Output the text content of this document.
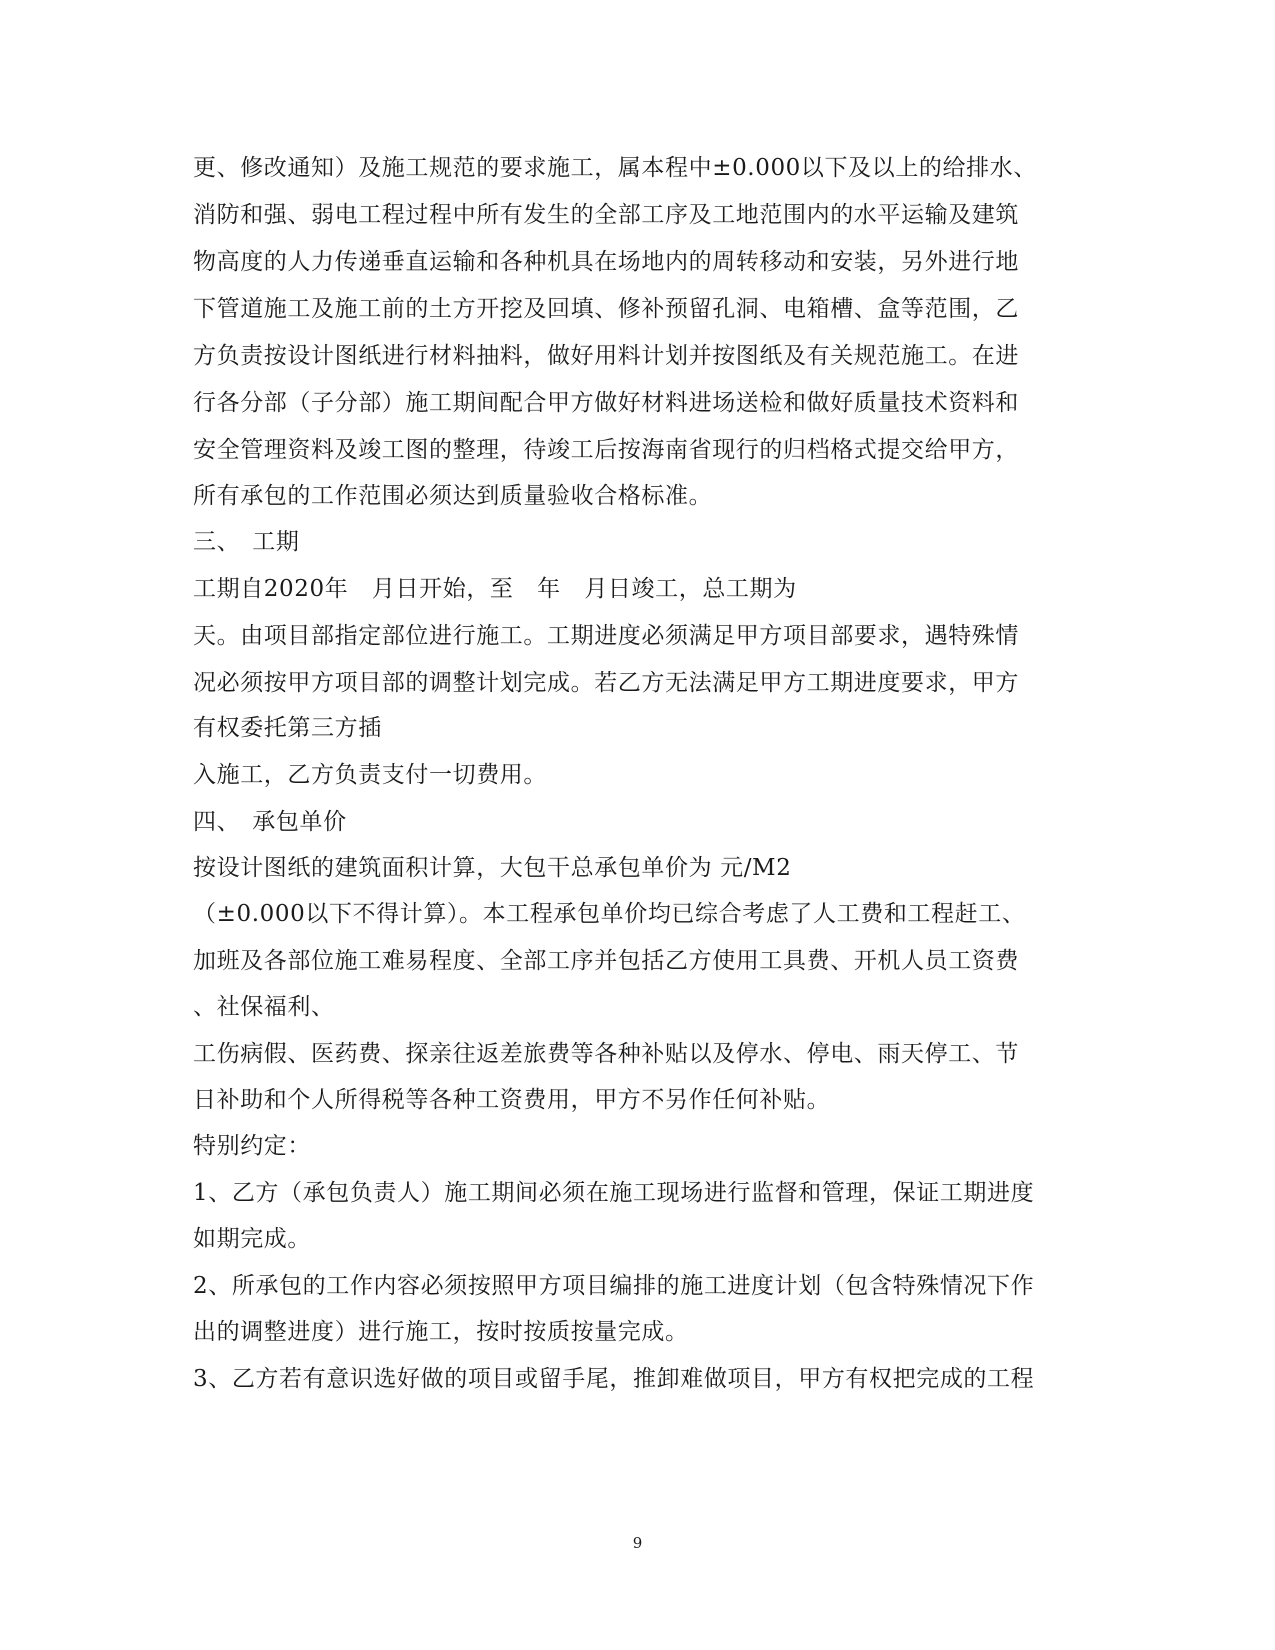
更、修改通知）及施工规范的要求施工，属本程中±0.000以下及以上的给排水、
消防和强、弱电工程过程中所有发生的全部工序及工地范围内的水平运输及建筑
物高度的人力传递垂直运输和各种机具在场地内的周转移动和安装，另外进行地
下管道施工及施工前的土方开挖及回填、修补预留孔洞、电箱槽、盒等范围，乙
方负责按设计图纸进行材料抽料，做好用料计划并按图纸及有关规范施工。在进
行各分部（子分部）施工期间配合甲方做好材料进场送检和做好质量技术资料和
安全管理资料及竣工图的整理，待竣工后按海南省现行的归档格式提交给甲方，
所有承包的工作范围必须达到质量验收合格标准。
三、　工期
工期自2020年　月日开始，至　年　月日竣工，总工期为
天。由项目部指定部位进行施工。工期进度必须满足甲方项目部要求，遇特殊情
况必须按甲方项目部的调整计划完成。若乙方无法满足甲方工期进度要求，甲方
有权委托第三方插
入施工，乙方负责支付一切费用。
四、　承包单价
按设计图纸的建筑面积计算，大包干总承包单价为 元/M2
（±0.000以下不得计算）。本工程承包单价均已综合考虑了人工费和工程赶工、
加班及各部位施工难易程度、全部工序并包括乙方使用工具费、开机人员工资费
、社保福利、
工伤病假、医药费、探亲往返差旅费等各种补贴以及停水、停电、雨天停工、节
日补助和个人所得税等各种工资费用，甲方不另作任何补贴。
特别约定：
1、乙方（承包负责人）施工期间必须在施工现场进行监督和管理，保证工期进度
如期完成。
2、所承包的工作内容必须按照甲方项目编排的施工进度计划（包含特殊情况下作
出的调整进度）进行施工，按时按质按量完成。
3、乙方若有意识选好做的项目或留手尾，推卸难做项目，甲方有权把完成的工程
9
